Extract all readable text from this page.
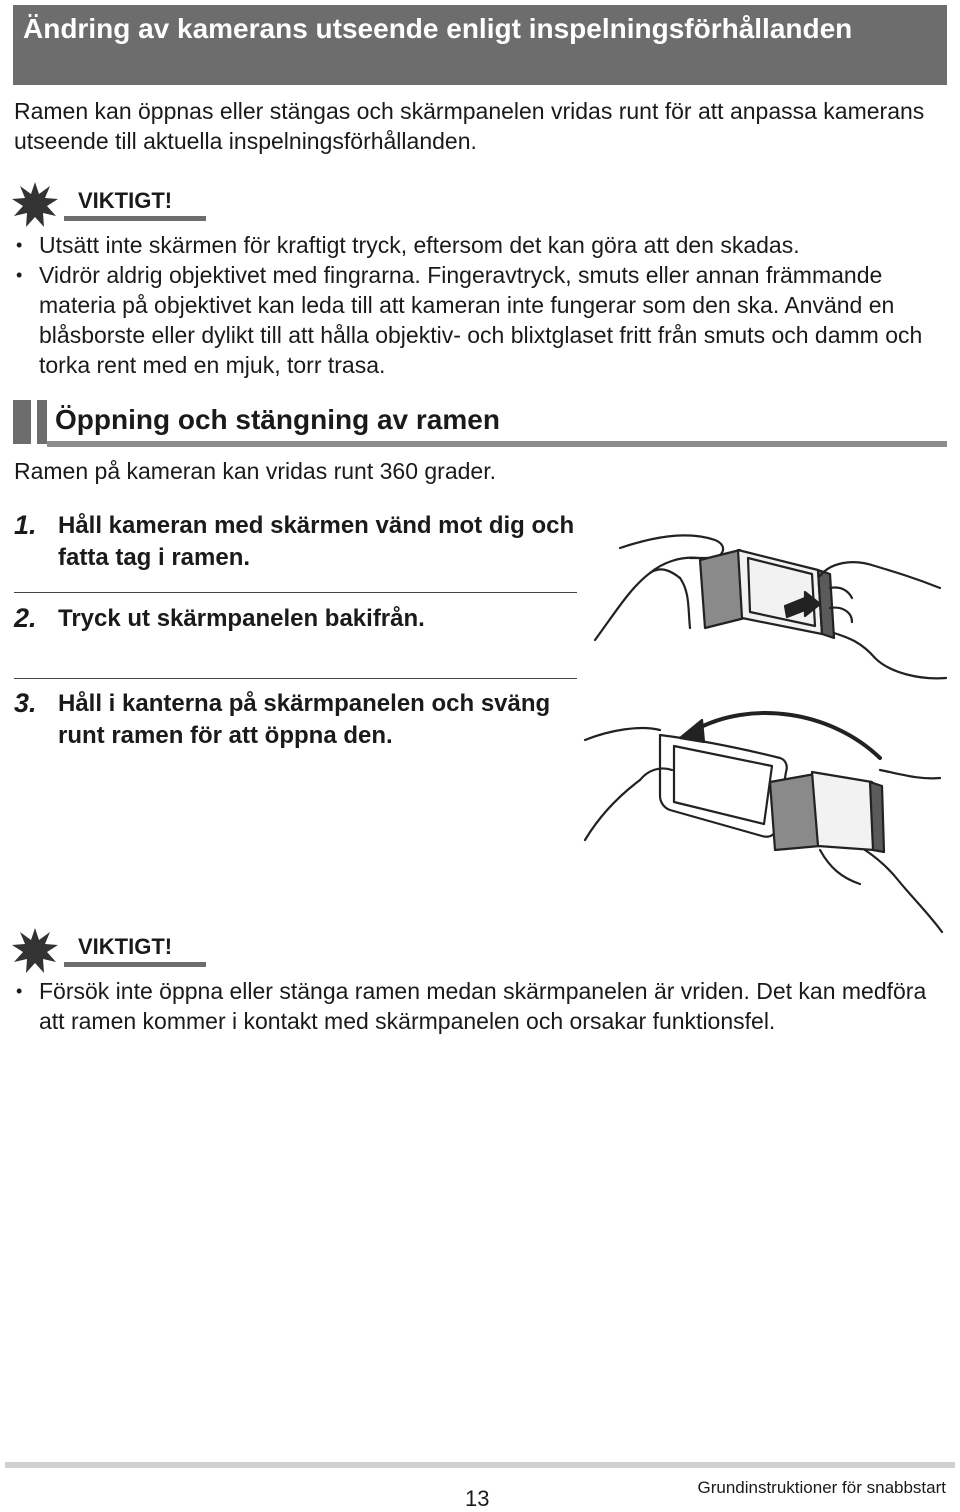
Ändring av kamerans utseende enligt inspelningsförhållanden
Ramen kan öppnas eller stängas och skärmpanelen vridas runt för att anpassa kamerans utseende till aktuella inspelningsförhållanden.
VIKTIGT!
• Utsätt inte skärmen för kraftigt tryck, eftersom det kan göra att den skadas.
• Vidrör aldrig objektivet med fingrarna. Fingeravtryck, smuts eller annan främmande materia på objektivet kan leda till att kameran inte fungerar som den ska. Använd en blåsborste eller dylikt till att hålla objektiv- och blixtglaset fritt från smuts och damm och torka rent med en mjuk, torr trasa.
Öppning och stängning av ramen
Ramen på kameran kan vridas runt 360 grader.
1. Håll kameran med skärmen vänd mot dig och fatta tag i ramen.
2. Tryck ut skärmpanelen bakifrån.
3. Håll i kanterna på skärmpanelen och sväng runt ramen för att öppna den.
VIKTIGT!
• Försök inte öppna eller stänga ramen medan skärmpanelen är vriden. Det kan medföra att ramen kommer i kontakt med skärmpanelen och orsakar funktionsfel.
13	Grundinstruktioner för snabbstart
